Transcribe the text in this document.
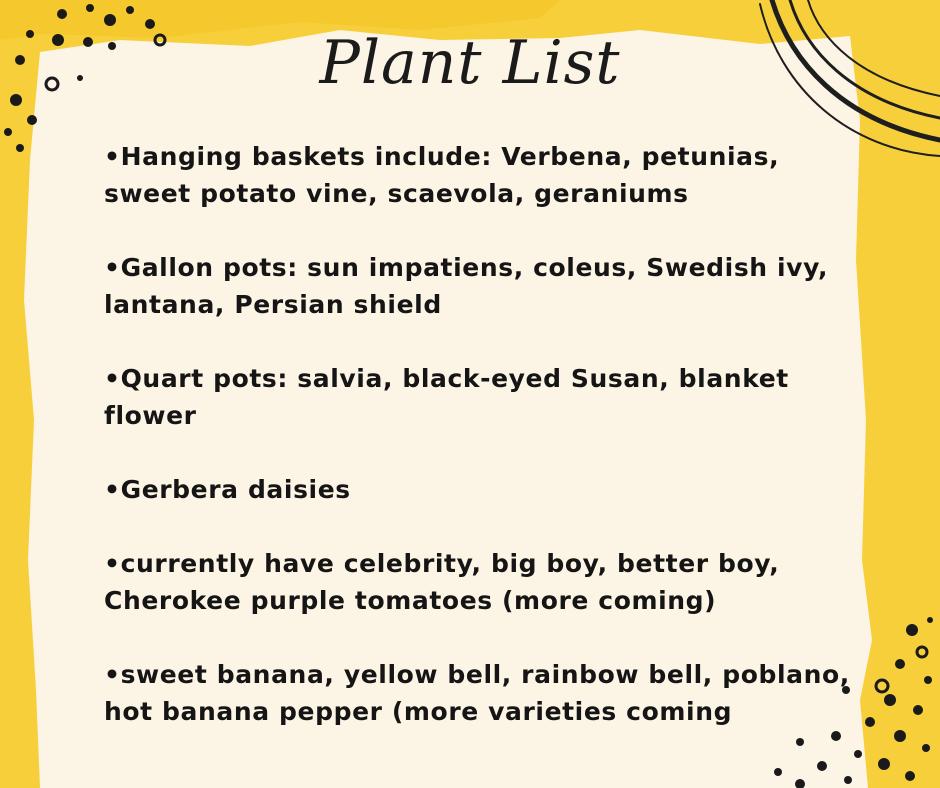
Plant List
•Hanging baskets include: Verbena, petunias, sweet potato vine, scaevola, geraniums
•Gallon pots: sun impatiens, coleus, Swedish ivy, lantana, Persian shield
•Quart pots: salvia, black-eyed Susan, blanket flower
•Gerbera daisies
•currently have celebrity, big boy, better boy, Cherokee purple tomatoes (more coming)
•sweet banana, yellow bell, rainbow bell, poblano, hot banana pepper (more varieties coming
